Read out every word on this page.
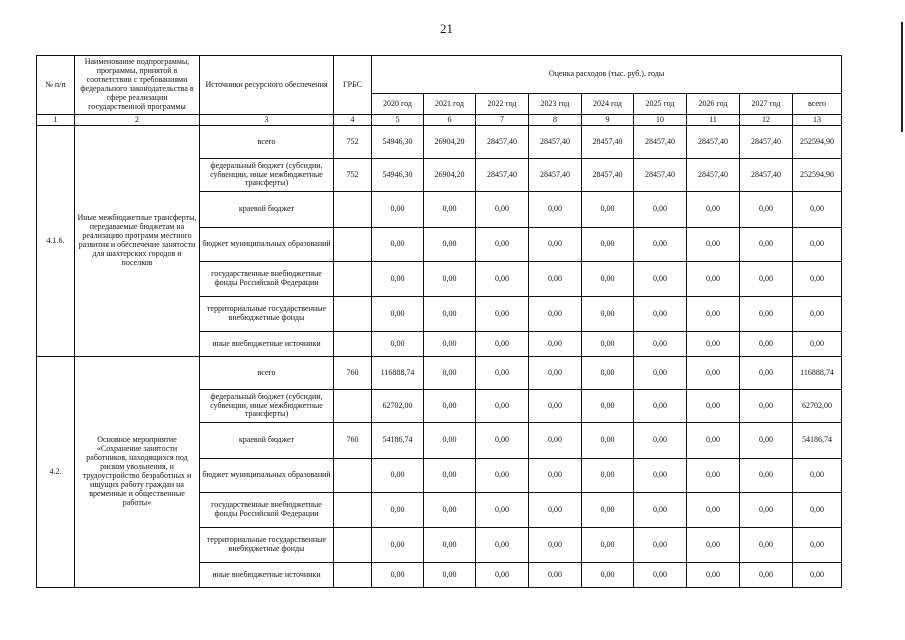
21
№ п/п	Наименование подпрограммы, программы, принятой в соответствии с требованиями федерального законодательства в сфере реализации государственной программы	Источники ресурсного обеспечения	ГРБС	Оценка расходов (тыс. руб.), годы								
				2020 год	2021 год	2022 год	2023 год	2024 год	2025 год	2026 год	2027 год	всего
1	2	3	4	5	6	7	8	9	10	11	12	13
4.1.6.	Иные межбюджетные трансферты, передаваемые бюджетам на реализацию программ местного развития и обеспечение занятости для шахтерских городов и поселков	всего	752	54946,30	26904,20	28457,40	28457,40	28457,40	28457,40	28457,40	28457,40	252594,90
		федеральный бюджет (субсидии, субвенции, иные межбюджетные трансферты)	752	54946,30	26904,20	28457,40	28457,40	28457,40	28457,40	28457,40	28457,40	252594,90
		краевой бюджет		0,00	0,00	0,00	0,00	0,00	0,00	0,00	0,00	0,00
		бюджет муниципальных образований		0,00	0,00	0,00	0,00	0,00	0,00	0,00	0,00	0,00
		государственные внебюджетные фонды Российской Федерации		0,00	0,00	0,00	0,00	0,00	0,00	0,00	0,00	0,00
		территориальные государственные внебюджетные фонды		0,00	0,00	0,00	0,00	0,00	0,00	0,00	0,00	0,00
		иные внебюджетные источники		0,00	0,00	0,00	0,00	0,00	0,00	0,00	0,00	0,00
4.2.	Основное мероприятие «Сохранение занятости работников, находящихся под риском увольнения, и трудоустройство безработных и ищущих работу граждан на временные и общественные работы»	всего	760	116888,74	0,00	0,00	0,00	0,00	0,00	0,00	0,00	116888,74
		федеральный бюджет (субсидии, субвенции, иные межбюджетные трансферты)		62702,00	0,00	0,00	0,00	0,00	0,00	0,00	0,00	62702,00
		краевой бюджет	760	54186,74	0,00	0,00	0,00	0,00	0,00	0,00	0,00	54186,74
		бюджет муниципальных образований		0,00	0,00	0,00	0,00	0,00	0,00	0,00	0,00	0,00
		государственные внебюджетные фонды Российской Федерации		0,00	0,00	0,00	0,00	0,00	0,00	0,00	0,00	0,00
		территориальные государственные внебюджетные фонды		0,00	0,00	0,00	0,00	0,00	0,00	0,00	0,00	0,00
		иные внебюджетные источники		0,00	0,00	0,00	0,00	0,00	0,00	0,00	0,00	0,00
